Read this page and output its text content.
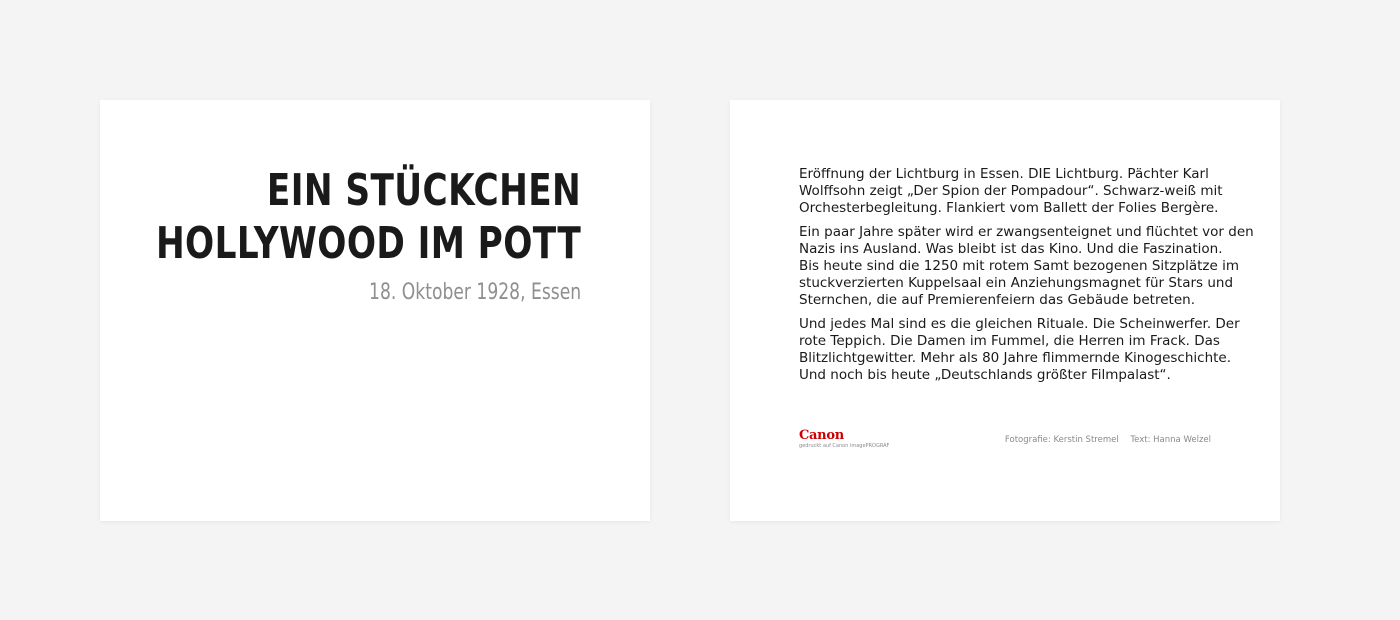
EIN STÜCKCHEN
HOLLYWOOD IM POTT
18. Oktober 1928, Essen

Eröffnung der Lichtburg in Essen. DIE Lichtburg. Pächter Karl
Wolffsohn zeigt „Der Spion der Pompadour“. Schwarz-weiß mit
Orchesterbegleitung. Flankiert vom Ballett der Folies Bergère.

Ein paar Jahre später wird er zwangsenteignet und flüchtet vor den
Nazis ins Ausland. Was bleibt ist das Kino. Und die Faszination.
Bis heute sind die 1250 mit rotem Samt bezogenen Sitzplätze im
stuckverzierten Kuppelsaal ein Anziehungsmagnet für Stars und
Sternchen, die auf Premierenfeiern das Gebäude betreten.

Und jedes Mal sind es die gleichen Rituale. Die Scheinwerfer. Der
rote Teppich. Die Damen im Fummel, die Herren im Frack. Das
Blitzlichtgewitter. Mehr als 80 Jahre flimmernde Kinogeschichte.
Und noch bis heute „Deutschlands größter Filmpalast“.

Canon
gedruckt auf Canon imagePROGRAF
Fotografie: Kerstin Stremel Text: Hanna Welzel
